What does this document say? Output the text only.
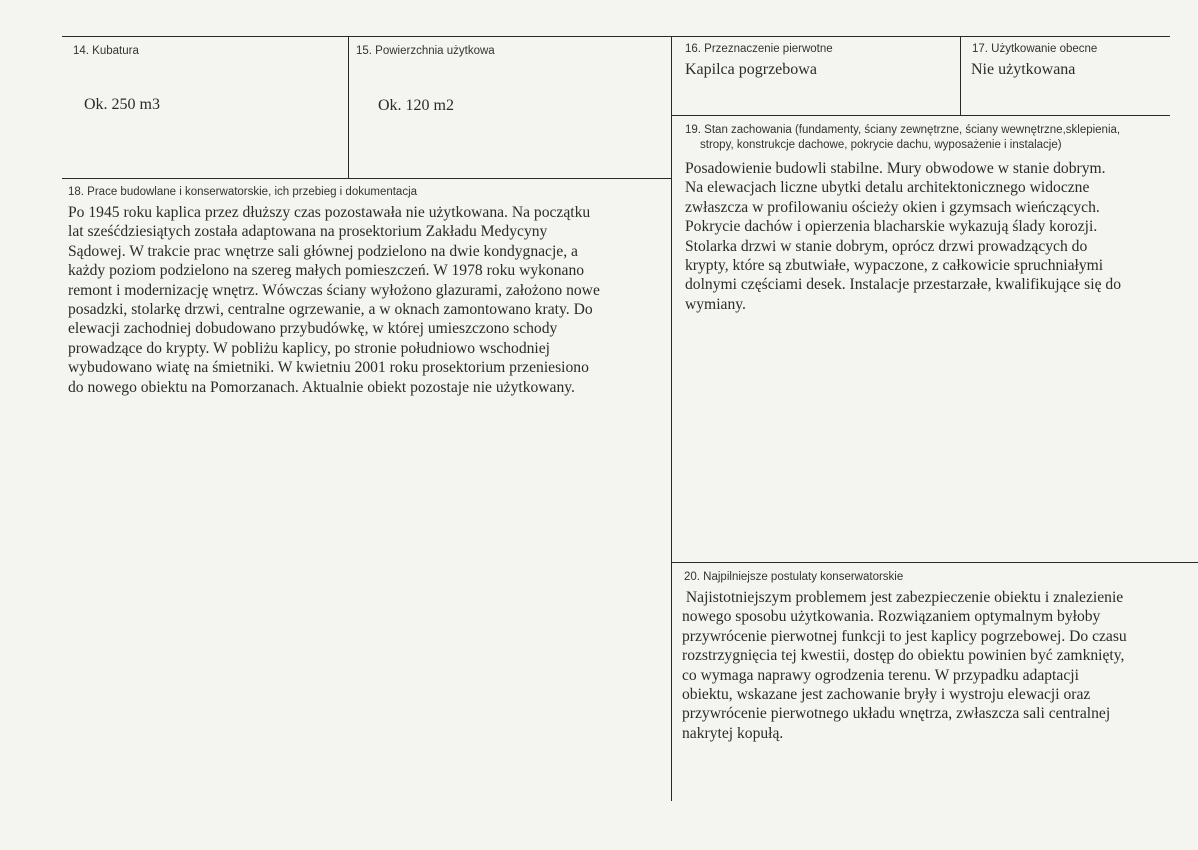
14. Kubatura
Ok. 250 m3
15. Powierzchnia użytkowa
Ok. 120 m2
16. Przeznaczenie pierwotne
Kapilca pogrzebowa
17. Użytkowanie obecne
Nie użytkowana
18. Prace budowlane i konserwatorskie, ich przebieg i dokumentacja
Po 1945 roku kaplica przez dłuższy czas pozostawała nie użytkowana. Na początku
lat sześćdziesiątych została adaptowana na prosektorium Zakładu Medycyny
Sądowej. W trakcie prac wnętrze sali głównej podzielono na dwie kondygnacje, a
każdy poziom podzielono na szereg małych pomieszczeń. W 1978 roku wykonano
remont i modernizację wnętrz. Wówczas ściany wyłożono glazurami, założono nowe
posadzki, stolarkę drzwi, centralne ogrzewanie, a w oknach zamontowano kraty. Do
elewacji zachodniej dobudowano przybudówkę, w której umieszczono schody
prowadzące do krypty. W pobliżu kaplicy, po stronie południowo wschodniej
wybudowano wiatę na śmietniki. W kwietniu 2001 roku prosektorium przeniesiono
do nowego obiektu na Pomorzanach. Aktualnie obiekt pozostaje nie użytkowany.
19. Stan zachowania (fundamenty, ściany zewnętrzne, ściany wewnętrzne,sklepienia,
stropy, konstrukcje dachowe, pokrycie dachu, wyposażenie i instalacje)
Posadowienie budowli stabilne. Mury obwodowe w stanie dobrym.
Na elewacjach liczne ubytki detalu architektonicznego widoczne
zwłaszcza w profilowaniu ościeży okien i gzymsach wieńczących.
Pokrycie dachów i opierzenia blacharskie wykazują ślady korozji.
Stolarka drzwi w stanie dobrym, oprócz drzwi prowadzących do
krypty, które są zbutwiałe, wypaczone, z całkowicie spruchniałymi
dolnymi częściami desek. Instalacje przestarzałe, kwalifikujące się do
wymiany.
20. Najpilniejsze postulaty konserwatorskie
Najistotniejszym problemem jest zabezpieczenie obiektu i znalezienie
nowego sposobu użytkowania. Rozwiązaniem optymalnym byłoby
przywrócenie pierwotnej funkcji to jest kaplicy pogrzebowej. Do czasu
rozstrzygnięcia tej kwestii, dostęp do obiektu powinien być zamknięty,
co wymaga naprawy ogrodzenia terenu. W przypadku adaptacji
obiektu, wskazane jest zachowanie bryły i wystroju elewacji oraz
przywrócenie pierwotnego układu wnętrza, zwłaszcza sali centralnej
nakrytej kopułą.
